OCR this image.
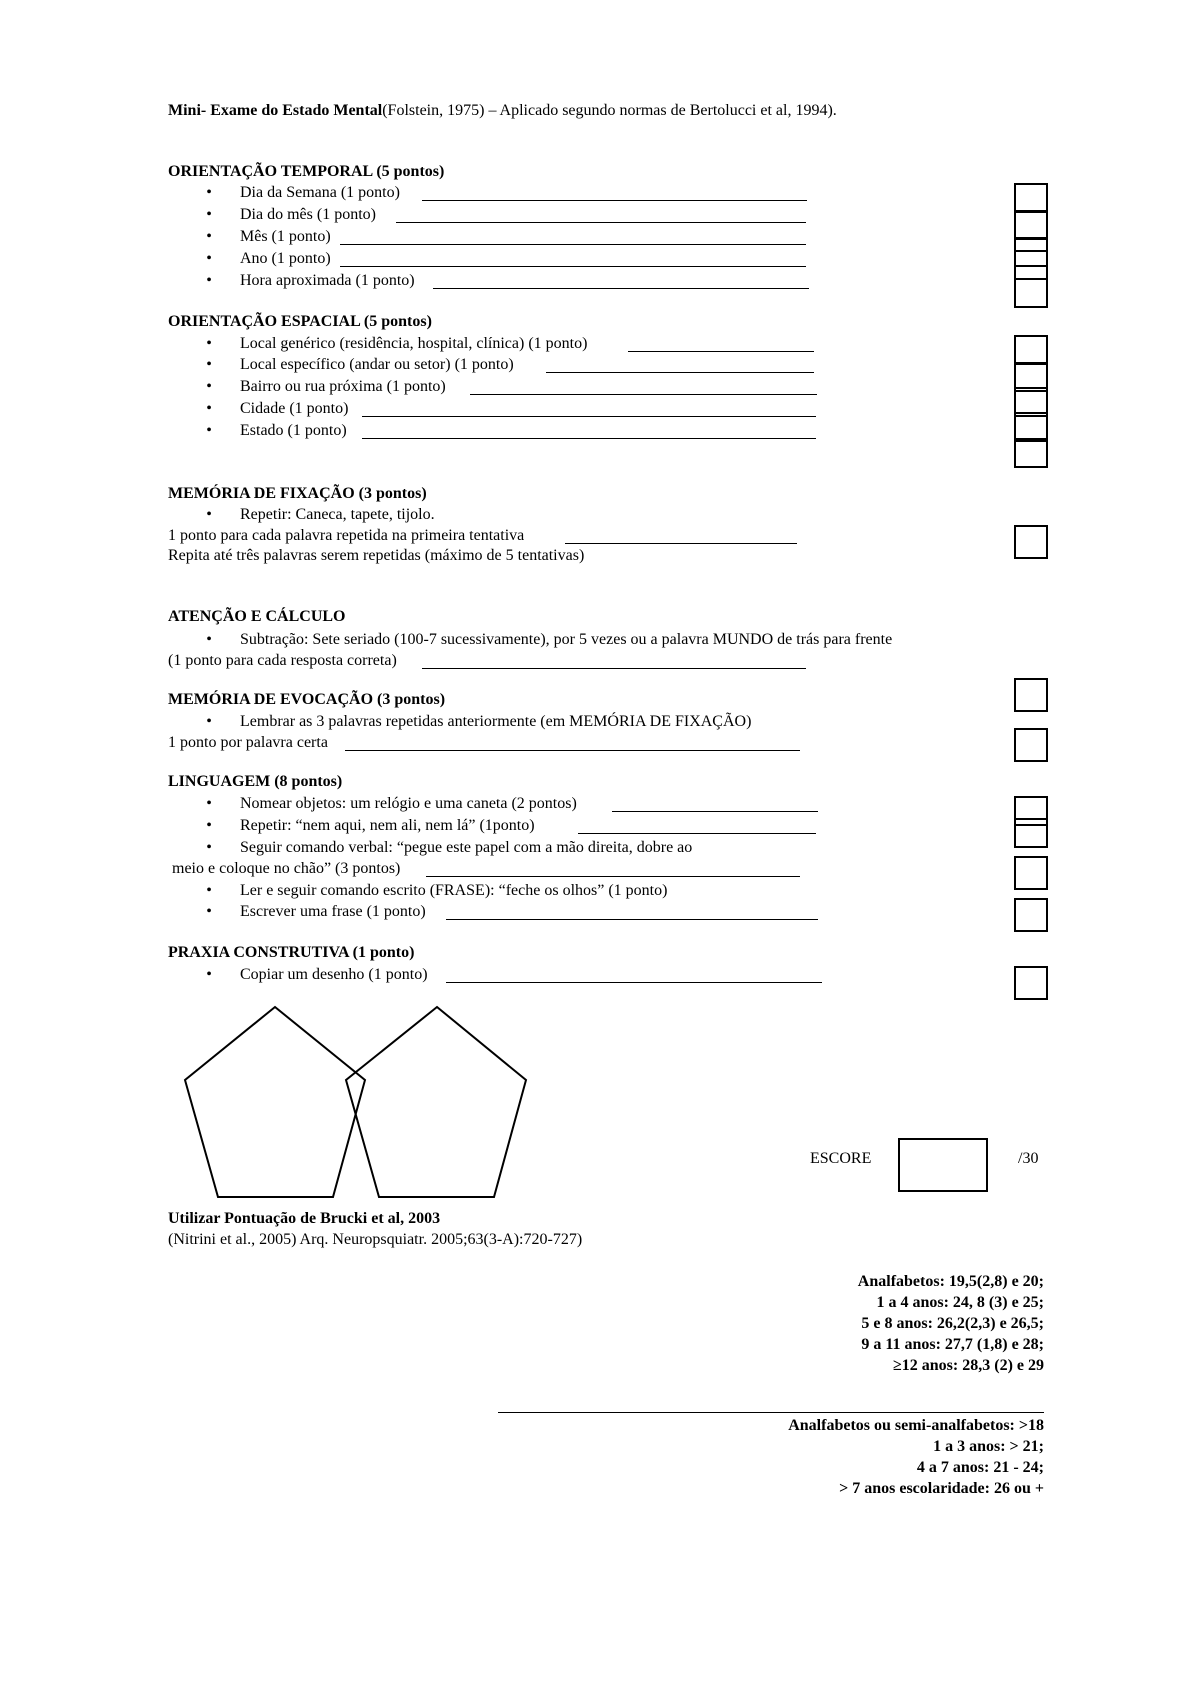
Mini- Exame do Estado Mental(Folstein, 1975) – Aplicado segundo normas de Bertolucci et al, 1994).
ORIENTAÇÃO TEMPORAL (5 pontos)
• Dia da Semana (1 ponto)
• Dia do mês (1 ponto)
• Mês (1 ponto)
• Ano (1 ponto)
• Hora aproximada (1 ponto)
ORIENTAÇÃO ESPACIAL (5 pontos)
• Local genérico (residência, hospital, clínica) (1 ponto)
• Local específico (andar ou setor) (1 ponto)
• Bairro ou rua próxima (1 ponto)
• Cidade (1 ponto)
• Estado (1 ponto)
MEMÓRIA DE FIXAÇÃO (3 pontos)
• Repetir: Caneca, tapete, tijolo.
1 ponto para cada palavra repetida na primeira tentativa
Repita até três palavras serem repetidas (máximo de 5 tentativas)
ATENÇÃO E CÁLCULO
• Subtração: Sete seriado (100-7 sucessivamente), por 5 vezes ou a palavra MUNDO de trás para frente
(1 ponto para cada resposta correta)
MEMÓRIA DE EVOCAÇÃO (3 pontos)
• Lembrar as 3 palavras repetidas anteriormente (em MEMÓRIA DE FIXAÇÃO)
1 ponto por palavra certa
LINGUAGEM (8 pontos)
• Nomear objetos: um relógio e uma caneta (2 pontos)
• Repetir: “nem aqui, nem ali, nem lá” (1ponto)
• Seguir comando verbal: “pegue este papel com a mão direita, dobre ao
meio e coloque no chão” (3 pontos)
• Ler e seguir comando escrito (FRASE): “feche os olhos” (1 ponto)
• Escrever uma frase (1 ponto)
PRAXIA CONSTRUTIVA (1 ponto)
• Copiar um desenho (1 ponto)
ESCORE	/30
Utilizar Pontuação de Brucki et al, 2003
(Nitrini et al., 2005) Arq. Neuropsquiatr. 2005;63(3-A):720-727)
Analfabetos: 19,5(2,8) e 20;
1 a 4 anos: 24, 8 (3) e 25;
5 e 8 anos: 26,2(2,3) e 26,5;
9 a 11 anos: 27,7 (1,8) e 28;
≥12 anos: 28,3 (2) e 29
Analfabetos ou semi-analfabetos: >18
1 a 3 anos: > 21;
4 a 7 anos: 21 - 24;
> 7 anos escolaridade: 26 ou +
